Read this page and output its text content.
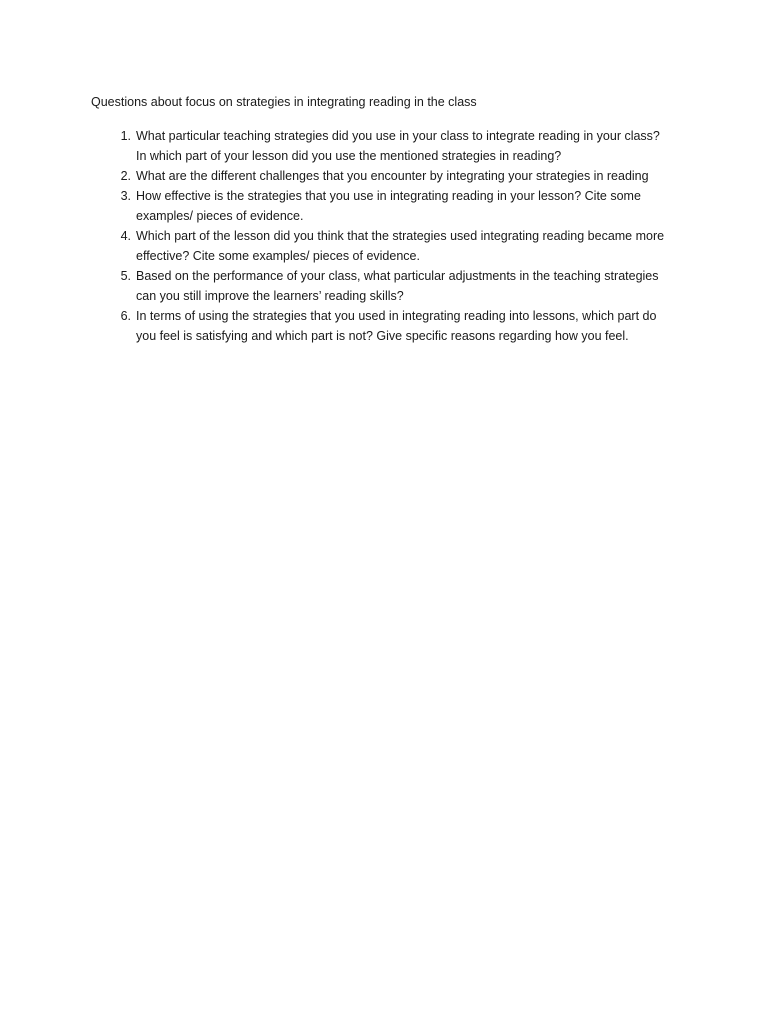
Questions about focus on strategies in integrating reading in the class
1. What particular teaching strategies did you use in your class to integrate reading in your class?
In which part of your lesson did you use the mentioned strategies in reading?
2. What are the different challenges that you encounter by integrating your strategies in reading
3. How effective is the strategies that you use in integrating reading in your lesson? Cite some
examples/ pieces of evidence.
4. Which part of the lesson did you think that the strategies used integrating reading became more
effective? Cite some examples/ pieces of evidence.
5. Based on the performance of your class, what particular adjustments in the teaching strategies
can you still improve the learners’ reading skills?
6. In terms of using the strategies that you used in integrating reading into lessons, which part do
you feel is satisfying and which part is not? Give specific reasons regarding how you feel.
